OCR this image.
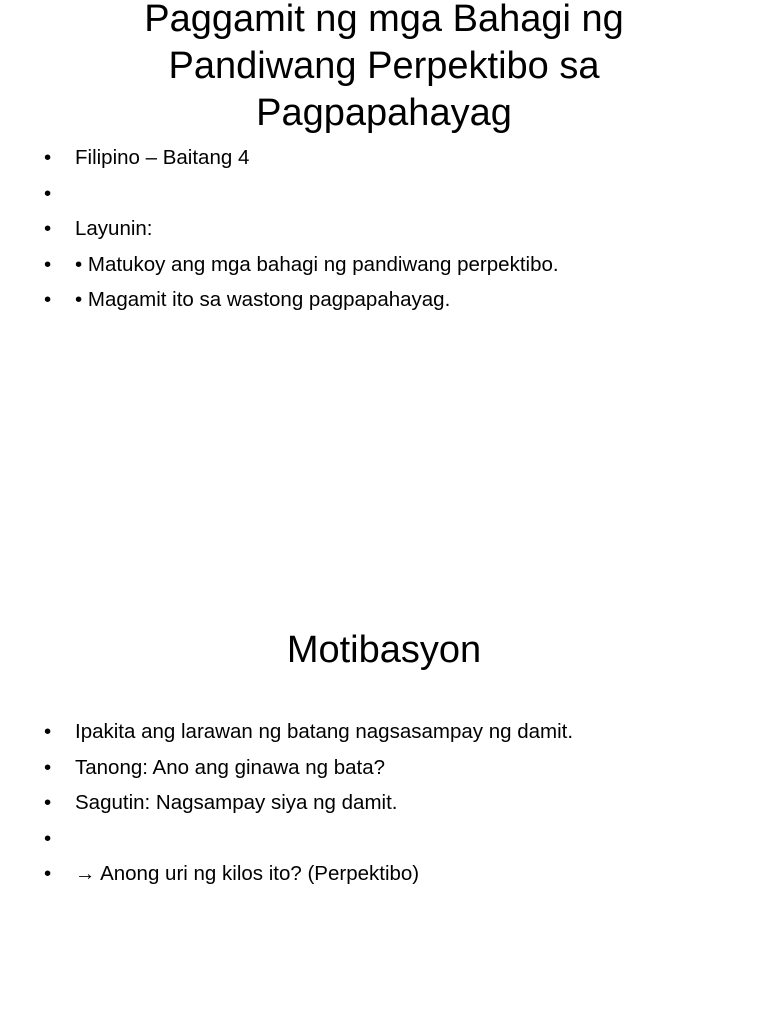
Paggamit ng mga Bahagi ng
Pandiwang Perpektibo sa
Pagpapahayag
• Filipino – Baitang 4
•
• Layunin:
• • Matukoy ang mga bahagi ng pandiwang perpektibo.
• • Magamit ito sa wastong pagpapahayag.
Motibasyon
• Ipakita ang larawan ng batang nagsasampay ng damit.
• Tanong: Ano ang ginawa ng bata?
• Sagutin: Nagsampay siya ng damit.
•
• → Anong uri ng kilos ito? (Perpektibo)
